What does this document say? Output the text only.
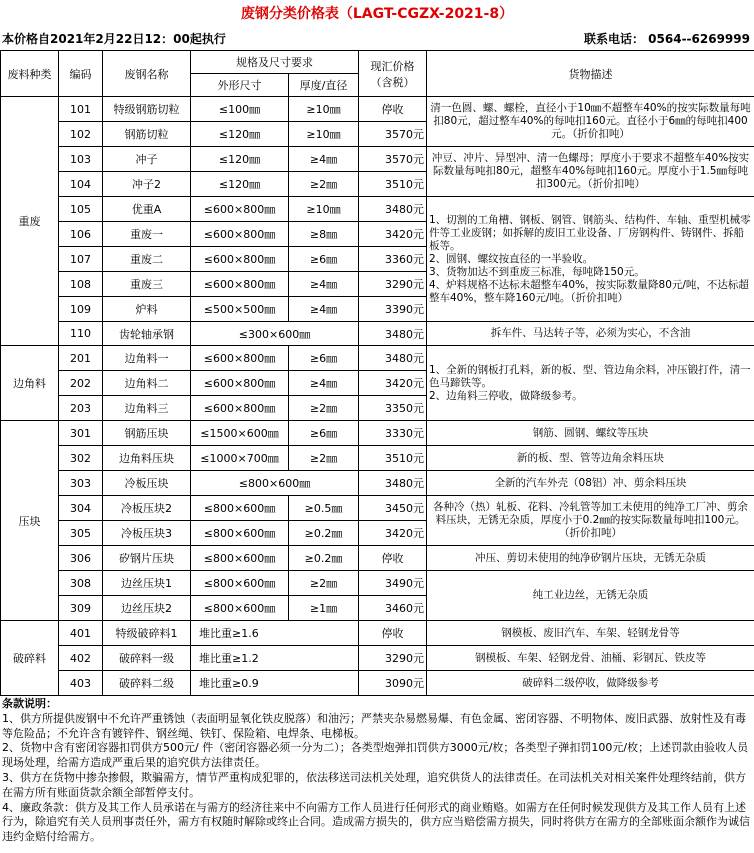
废钢分类价格表（LAGT-CGZX-2021-8）
本价格自2021年2月22日12：00起执行	联系电话： 0564--6269999
废料种类	编码	废钢名称	规格及尺寸要求		现汇价格（含税）	货物描述
			外形尺寸	厚度/直径		
重废	101	特级钢筋切粒	≤100㎜	≥10㎜	停收	清一色圆、螺、螺栓，直径小于10㎜不超整车40%的按实际数量每吨扣80元，超过整车40%的每吨扣160元。直径小于6㎜的每吨扣400元。（折价扣吨）
	102	钢筋切粒	≤120㎜	≥10㎜	3570元	
	103	冲子	≤120㎜	≥4㎜	3570元	冲豆、冲片、异型冲、清一色螺母；厚度小于要求不超整车40%按实际数量每吨扣80元，超整车40%每吨扣160元。厚度小于1.5㎜每吨扣300元。（折价扣吨）
	104	冲子2	≤120㎜	≥2㎜	3510元	
	105	优重A	≤600×800㎜	≥10㎜	3480元	1、切割的工角槽、钢板、钢管、钢筋头、结构件、车轴、重型机械零件等工业废钢；如拆解的废旧工业设备、厂房钢构件、铸钢件、拆船板等。
2、圆钢、螺纹按直径的一半验收。
3、货物加达不到重废三标准，每吨降150元。
4、炉料规格不达标未超整车40%，按实际数量降80元/吨，不达标超整车40%，整车降160元/吨。（折价扣吨）
	106	重废一	≤600×800㎜	≥8㎜	3420元	
	107	重废二	≤600×800㎜	≥6㎜	3360元	
	108	重废三	≤600×800㎜	≥4㎜	3290元	
	109	炉料	≤500×500㎜	≥4㎜	3390元	
	110	齿轮轴承钢	≤300×600㎜		3480元	拆车件、马达转子等，必须为实心，不含油
边角料	201	边角料一	≤600×800㎜	≥6㎜	3480元	1、全新的钢板打孔料，新的板、型、管边角余料，冲压锻打件，清一色马蹄铁等。
2、边角料三停收，做降级参考。
	202	边角料二	≤600×800㎜	≥4㎜	3420元	
	203	边角料三	≤600×800㎜	≥2㎜	3350元	
压块	301	钢筋压块	≤1500×600㎜	≥6㎜	3330元	钢筋、圆钢、螺纹等压块
	302	边角料压块	≤1000×700㎜	≥2㎜	3510元	新的板、型、管等边角余料压块
	303	冷板压块	≤800×600㎜		3480元	全新的汽车外壳（08铝）冲、剪余料压块
	304	冷板压块2	≤800×600㎜	≥0.5㎜	3450元	各种冷（热）轧板、花料、冷轧管等加工未使用的纯净工厂冲、剪余料压块，无锈无杂质，厚度小于0.2㎜的按实际数量每吨扣100元。（折价扣吨）
	305	冷板压块3	≤800×600㎜	≥0.2㎜	3420元	
	306	矽钢片压块	≤800×600㎜	≥0.2㎜	停收	冲压、剪切未使用的纯净矽钢片压块，无锈无杂质
	308	边丝压块1	≤800×600㎜	≥2㎜	3490元	纯工业边丝，无锈无杂质
	309	边丝压块2	≤800×600㎜	≥1㎜	3460元	
破碎料	401	特级破碎料1	堆比重≥1.6		停收	钢模板、废旧汽车、车架、轻钢龙骨等
	402	破碎料一级	堆比重≥1.2		3290元	钢模板、车架、轻钢龙骨、油桶、彩钢瓦、铁皮等
	403	破碎料二级	堆比重≥0.9		3090元	破碎料二级停收，做降级参考

条款说明：

1、供方所提供废钢中不允许严重锈蚀（表面明显氧化铁皮脱落）和油污；严禁夹杂易燃易爆、有色金属、密闭容器、不明物体、废旧武器、放射性及有毒等危险品；不允许含有镀锌件、钢丝绳、铁钉、保险箱、电焊条、电梯板。

2、货物中含有密闭容器扣罚供方500元/ 件（密闭容器必须一分为二）；各类型炮弹扣罚供方3000元/枚；各类型子弹扣罚100元/枚；上述罚款由验收人员现场处理，给需方造成严重后果的追究供方法律责任。

3、供方在货物中掺杂掺假，欺骗需方，情节严重构成犯罪的，依法移送司法机关处理，追究供货人的法律责任。在司法机关对相关案件处理终结前，供方在需方所有账面货款余额全部暂停支付。

4、廉政条款：供方及其工作人员承诺在与需方的经济往来中不向需方工作人员进行任何形式的商业贿赂。如需方在任何时候发现供方及其工作人员有上述行为，除追究有关人员刑事责任外，需方有权随时解除或终止合同。造成需方损失的，供方应当赔偿需方损失，同时将供方在需方的全部账面余额作为诚信违约金赔付给需方。
